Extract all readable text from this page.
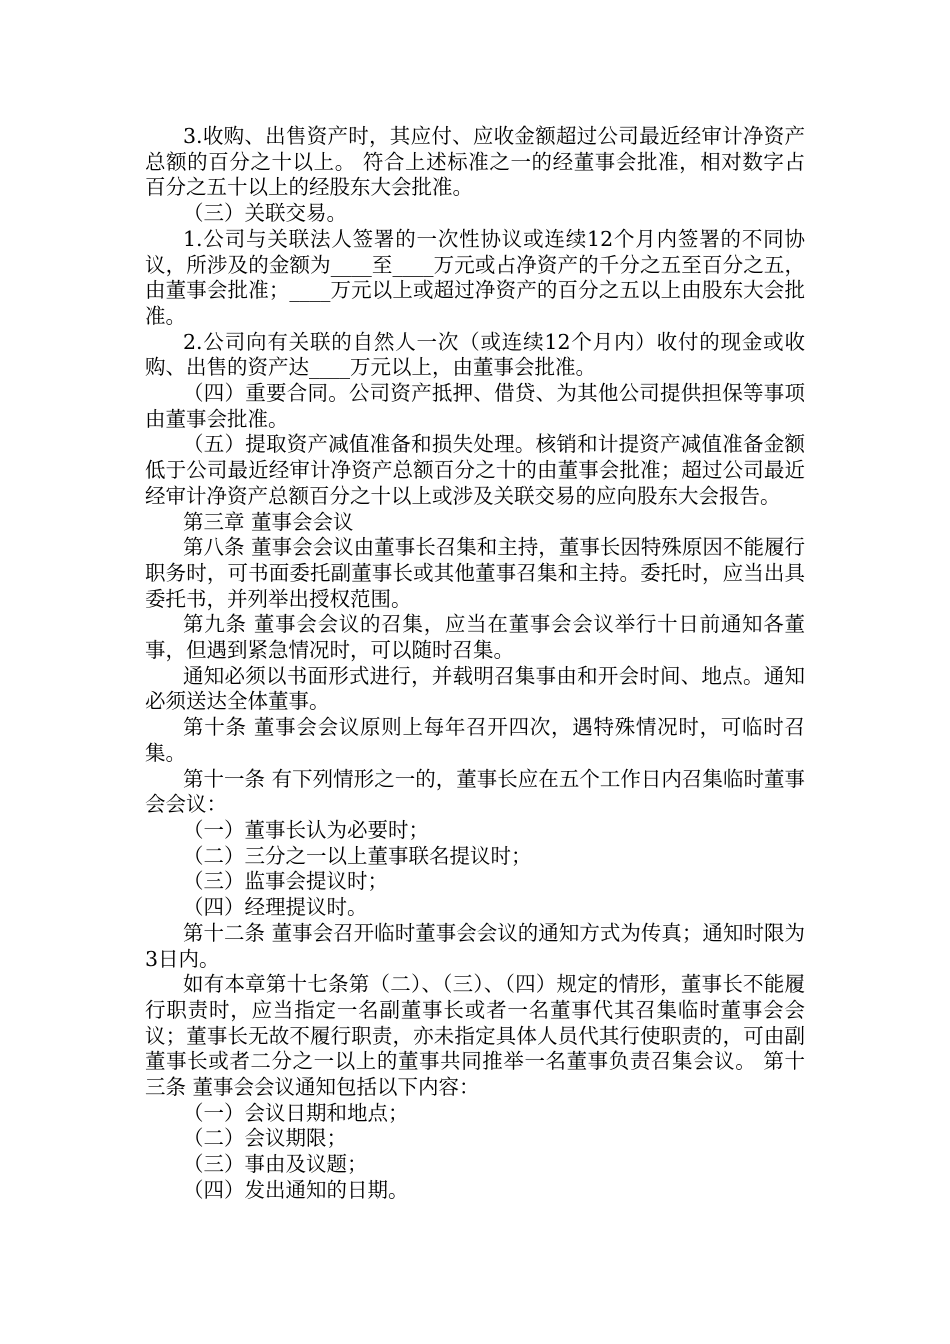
3.收购、出售资产时，其应付、应收金额超过公司最近经审计净资产总额的百分之十以上。 符合上述标准之一的经董事会批准，相对数字占百分之五十以上的经股东大会批准。

（三）关联交易。

1.公司与关联法人签署的一次性协议或连续12个月内签署的不同协议，所涉及的金额为____至____万元或占净资产的千分之五至百分之五，由董事会批准；____万元以上或超过净资产的百分之五以上由股东大会批准。

2.公司向有关联的自然人一次（或连续12个月内）收付的现金或收购、出售的资产达____万元以上，由董事会批准。

（四）重要合同。公司资产抵押、借贷、为其他公司提供担保等事项由董事会批准。

（五）提取资产减值准备和损失处理。核销和计提资产减值准备金额低于公司最近经审计净资产总额百分之十的由董事会批准；超过公司最近经审计净资产总额百分之十以上或涉及关联交易的应向股东大会报告。

第三章 董事会会议

第八条 董事会会议由董事长召集和主持，董事长因特殊原因不能履行职务时，可书面委托副董事长或其他董事召集和主持。委托时，应当出具委托书，并列举出授权范围。

第九条 董事会会议的召集，应当在董事会会议举行十日前通知各董事，但遇到紧急情况时，可以随时召集。

通知必须以书面形式进行，并载明召集事由和开会时间、地点。通知必须送达全体董事。

第十条 董事会会议原则上每年召开四次，遇特殊情况时，可临时召集。

第十一条 有下列情形之一的，董事长应在五个工作日内召集临时董事会会议：

（一）董事长认为必要时；

（二）三分之一以上董事联名提议时；

（三）监事会提议时；

（四）经理提议时。

第十二条 董事会召开临时董事会会议的通知方式为传真；通知时限为3日内。

如有本章第十七条第（二）、（三）、（四）规定的情形，董事长不能履行职责时，应当指定一名副董事长或者一名董事代其召集临时董事会会议；董事长无故不履行职责，亦未指定具体人员代其行使职责的，可由副董事长或者二分之一以上的董事共同推举一名董事负责召集会议。 第十三条 董事会会议通知包括以下内容：

（一）会议日期和地点；

（二）会议期限；

（三）事由及议题；

（四）发出通知的日期。
